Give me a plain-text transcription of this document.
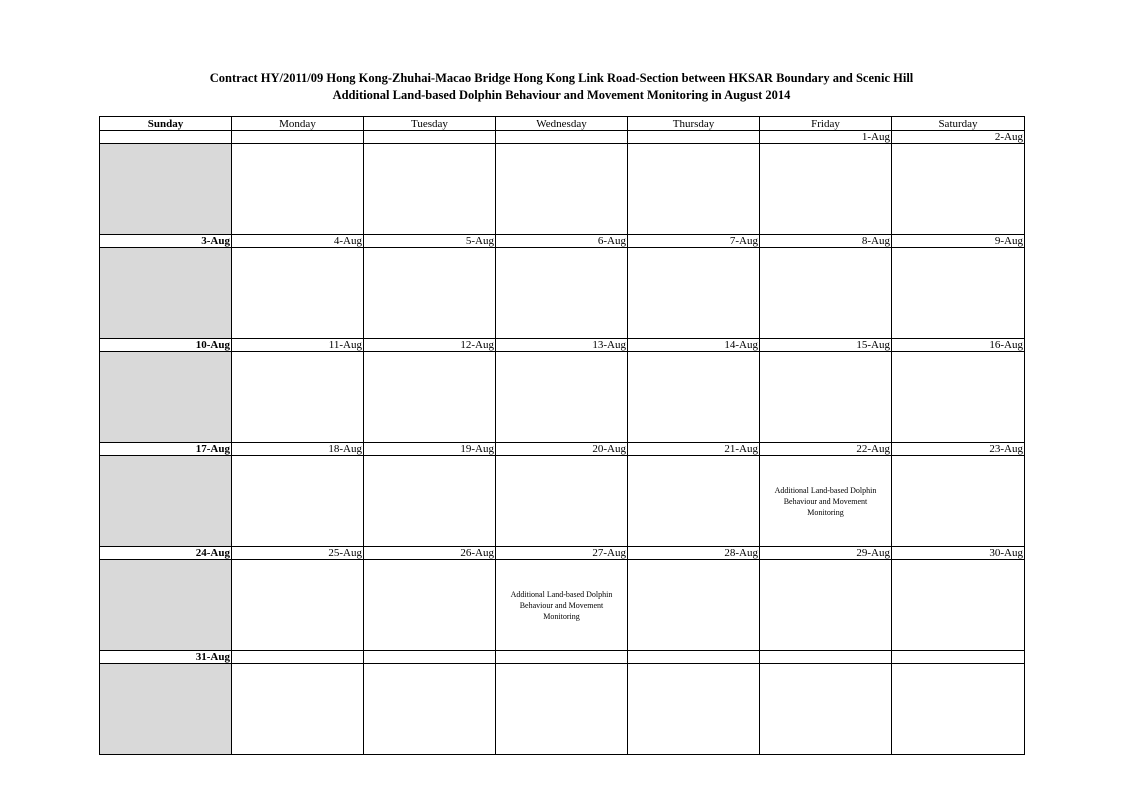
Contract HY/2011/09 Hong Kong-Zhuhai-Macao Bridge Hong Kong Link Road-Section between HKSAR Boundary and Scenic Hill
Additional Land-based Dolphin Behaviour and Movement Monitoring in August 2014
Sunday	Monday	Tuesday	Wednesday	Thursday	Friday	Saturday
					1-Aug	2-Aug

3-Aug	4-Aug	5-Aug	6-Aug	7-Aug	8-Aug	9-Aug

10-Aug	11-Aug	12-Aug	13-Aug	14-Aug	15-Aug	16-Aug

17-Aug	18-Aug	19-Aug	20-Aug	21-Aug	22-Aug	23-Aug

					Additional Land-based Dolphin Behaviour and Movement Monitoring	

24-Aug	25-Aug	26-Aug	27-Aug	28-Aug	29-Aug	30-Aug

			Additional Land-based Dolphin Behaviour and Movement Monitoring			

31-Aug						
